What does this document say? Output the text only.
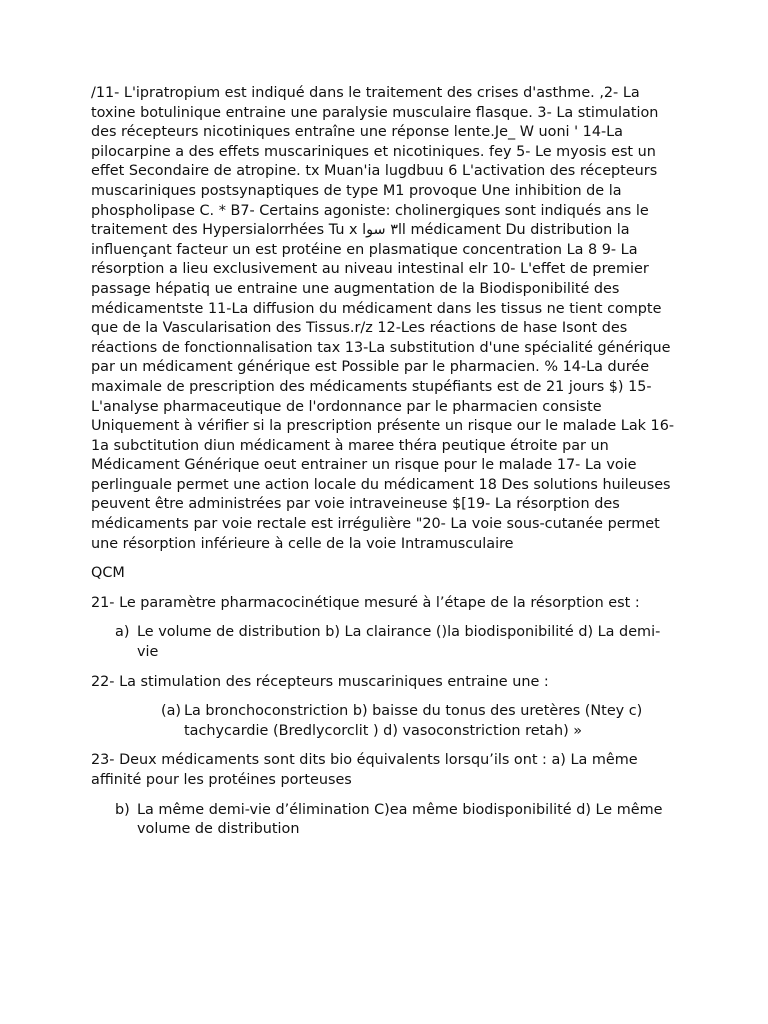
/11- L'ipratropium est indiqué dans le traitement des crises d'asthme. ,2- La toxine botulinique entraine une paralysie musculaire flasque. 3- La stimulation des récepteurs nicotiniques entraîne une réponse lente.Je_ W uoni ' 14-La pilocarpine a des effets muscariniques et nicotiniques. fey 5- Le myosis est un effet Secondaire de atropine. tx Muan'ia lugdbuu 6 L'activation des récepteurs muscariniques postsynaptiques de type M1 provoque Une inhibition de la phospholipase C. * B7- Certains agoniste: cholinergiques sont indiqués ans le traitement des Hypersialorrhées Tu x ٣ سواll médicament Du distribution la influençant facteur un est protéine en plasmatique concentration La 8 9- La résorption a lieu exclusivement au niveau intestinal elr 10- L'effet de premier passage hépatiq ue entraine une augmentation de la Biodisponibilité des médicamentste 11-La diffusion du médicament dans les tissus ne tient compte que de la Vascularisation des Tissus.r/z 12-Les réactions de hase Isont des réactions de fonctionnalisation tax 13-La substitution d'une spécialité générique par un médicament générique est Possible par le pharmacien. % 14-La durée maximale de prescription des médicaments stupéfiants est de 21 jours $) 15-L'analyse pharmaceutique de l'ordonnance par le pharmacien consiste Uniquement à vérifier si la prescription présente un risque our le malade Lak 16-1a subctitution diun médicament à maree théra peutique étroite par un Médicament Générique oeut entrainer un risque pour le malade 17- La voie perlinguale permet une action locale du médicament 18 Des solutions huileuses peuvent être administrées par voie intraveineuse $[19- La résorption des médicaments par voie rectale est irrégulière "20- La voie sous-cutanée permet une résorption inférieure à celle de la voie Intramusculaire

QCM

21- Le paramètre pharmacocinétique mesuré à l’étape de la résorption est :

a) Le volume de distribution b) La clairance ()la biodisponibilité d) La demi-vie

22- La stimulation des récepteurs muscariniques entraine une :

(a) La bronchoconstriction b) baisse du tonus des uretères (Ntey c) tachycardie (Bredlycorclit ) d) vasoconstriction retah) »

23- Deux médicaments sont dits bio équivalents lorsqu’ils ont : a) La même affinité pour les protéines porteuses

b) La même demi-vie d’élimination C)ea même biodisponibilité d) Le même volume de distribution
